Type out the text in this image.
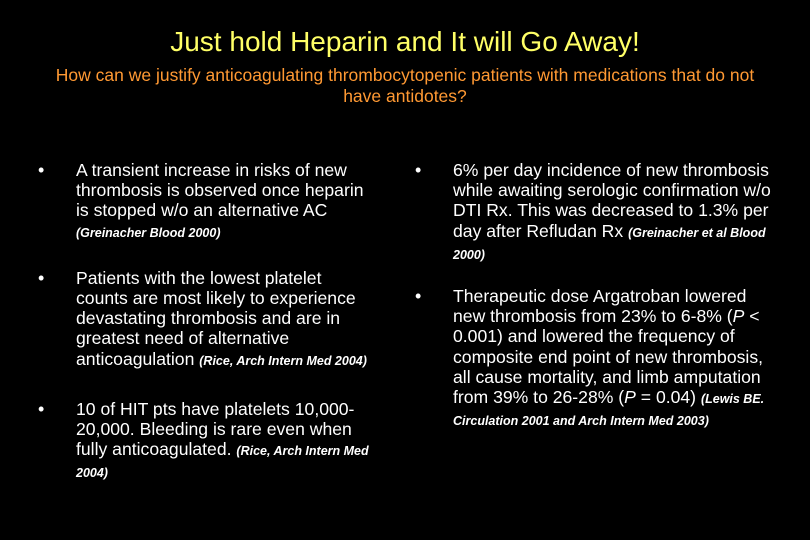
Just hold Heparin and It will Go Away!
How can we justify anticoagulating thrombocytopenic patients with medications that do not have antidotes?
• A transient increase in risks of new thrombosis is observed once heparin is stopped w/o an alternative AC (Greinacher Blood 2000)
• Patients with the lowest platelet counts are most likely to experience devastating thrombosis and are in greatest need of alternative anticoagulation (Rice, Arch Intern Med 2004)
• 10 of HIT pts have platelets 10,000-20,000. Bleeding is rare even when fully anticoagulated. (Rice, Arch Intern Med 2004)
• 6% per day incidence of new thrombosis while awaiting serologic confirmation w/o DTI Rx. This was decreased to 1.3% per day after Refludan Rx (Greinacher et al Blood 2000)
• Therapeutic dose Argatroban lowered new thrombosis from 23% to 6-8% (P < 0.001) and lowered the frequency of composite end point of new thrombosis, all cause mortality, and limb amputation from 39% to 26-28% (P = 0.04) (Lewis BE. Circulation 2001 and Arch Intern Med 2003)
